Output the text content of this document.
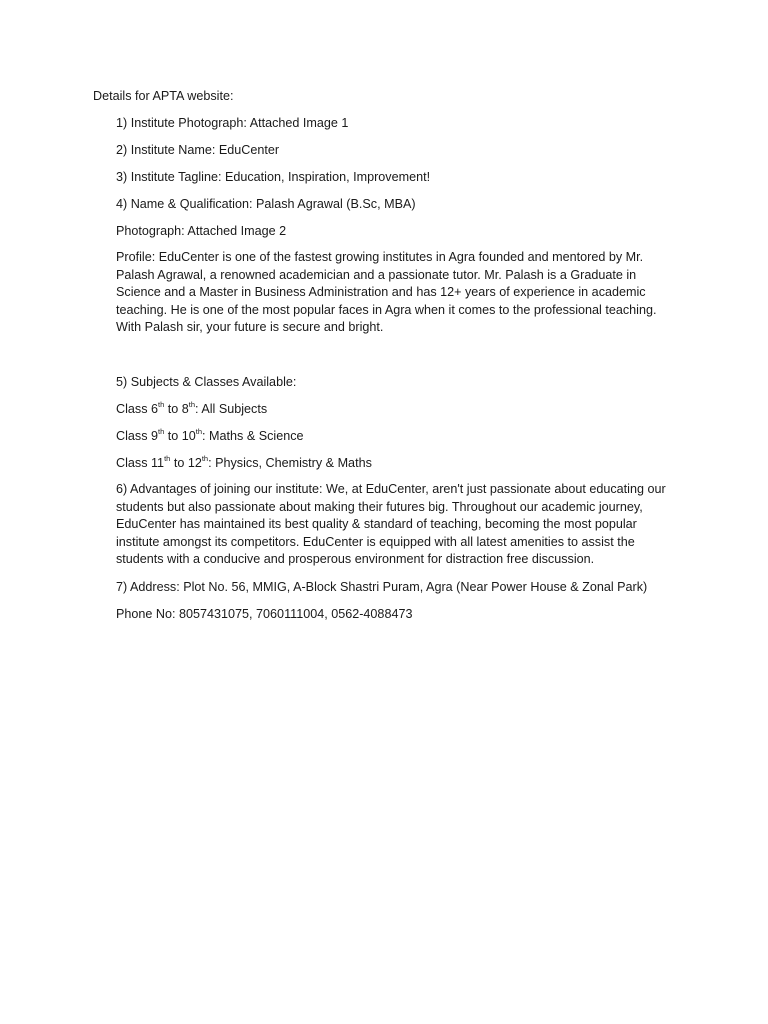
Details for APTA website:

1) Institute Photograph: Attached Image 1

2) Institute Name: EduCenter

3) Institute Tagline: Education, Inspiration, Improvement!

4) Name & Qualification: Palash Agrawal (B.Sc, MBA)

Photograph: Attached Image 2

Profile: EduCenter is one of the fastest growing institutes in Agra founded and mentored by Mr. Palash Agrawal, a renowned academician and a passionate tutor. Mr. Palash is a Graduate in Science and a Master in Business Administration and has 12+ years of experience in academic teaching. He is one of the most popular faces in Agra when it comes to the professional teaching. With Palash sir, your future is secure and bright.

5) Subjects & Classes Available:

Class 6th to 8th: All Subjects

Class 9th to 10th: Maths & Science

Class 11th to 12th: Physics, Chemistry & Maths

6) Advantages of joining our institute: We, at EduCenter, aren't just passionate about educating our students but also passionate about making their futures big. Throughout our academic journey, EduCenter has maintained its best quality & standard of teaching, becoming the most popular institute amongst its competitors. EduCenter is equipped with all latest amenities to assist the students with a conducive and prosperous environment for distraction free discussion.

7) Address: Plot No. 56, MMIG, A-Block Shastri Puram, Agra (Near Power House & Zonal Park)

Phone No: 8057431075, 7060111004, 0562-4088473
